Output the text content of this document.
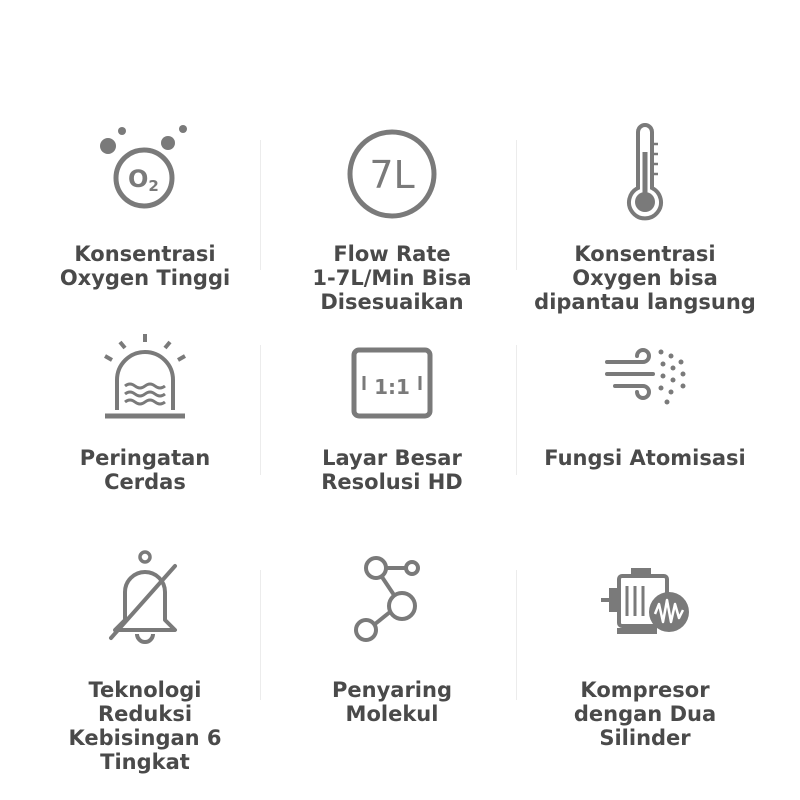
O2
Konsentrasi
Oxygen Tinggi
7L
Flow Rate
1-7L/Min Bisa
Disesuaikan
Konsentrasi
Oxygen bisa
dipantau langsung
Peringatan
Cerdas
1:1
Layar Besar
Resolusi HD
Fungsi Atomisasi
Teknologi
Reduksi
Kebisingan 6
Tingkat
Penyaring
Molekul
Kompresor
dengan Dua
Silinder
